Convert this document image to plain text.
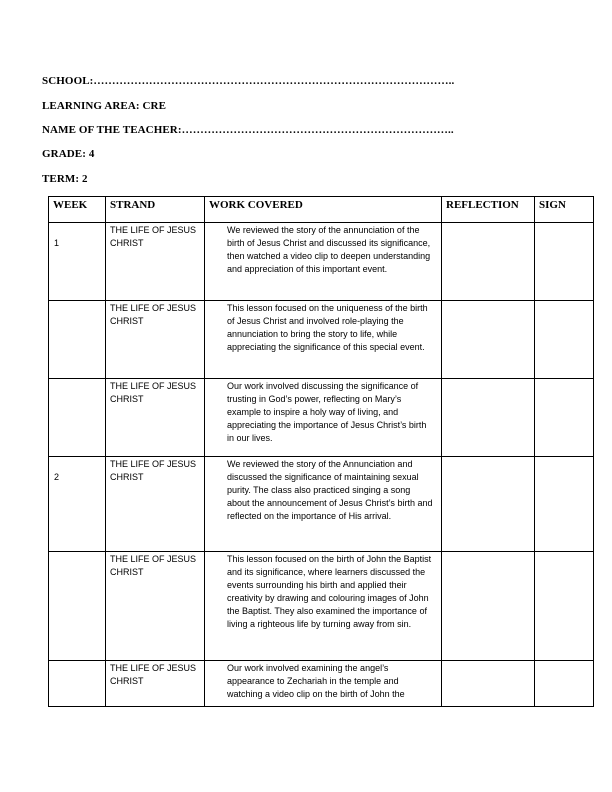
SCHOOL:……………………………………………………………………………………..
LEARNING AREA: CRE
NAME OF THE TEACHER:………………………………………………………………..
GRADE: 4
TERM: 2
WEEK	STRAND	WORK COVERED	REFLECTION	SIGN

1	THE LIFE OF JESUS CHRIST	We reviewed the story of the annunciation of the birth of Jesus Christ and discussed its significance, then watched a video clip to deepen understanding and appreciation of this important event.		

	THE LIFE OF JESUS CHRIST	This lesson focused on the uniqueness of the birth of Jesus Christ and involved role-playing the annunciation to bring the story to life, while appreciating the significance of this special event.		

	THE LIFE OF JESUS CHRIST	Our work involved discussing the significance of trusting in God’s power, reflecting on Mary’s example to inspire a holy way of living, and appreciating the importance of Jesus Christ’s birth in our lives.		

2	THE LIFE OF JESUS CHRIST	We reviewed the story of the Annunciation and discussed the significance of maintaining sexual purity. The class also practiced singing a song about the announcement of Jesus Christ’s birth and reflected on the importance of His arrival.		

	THE LIFE OF JESUS CHRIST	This lesson focused on the birth of John the Baptist and its significance, where learners discussed the events surrounding his birth and applied their creativity by drawing and colouring images of John the Baptist. They also examined the importance of living a righteous life by turning away from sin.		

	THE LIFE OF JESUS CHRIST	Our work involved examining the angel’s appearance to Zechariah in the temple and watching a video clip on the birth of John the		
